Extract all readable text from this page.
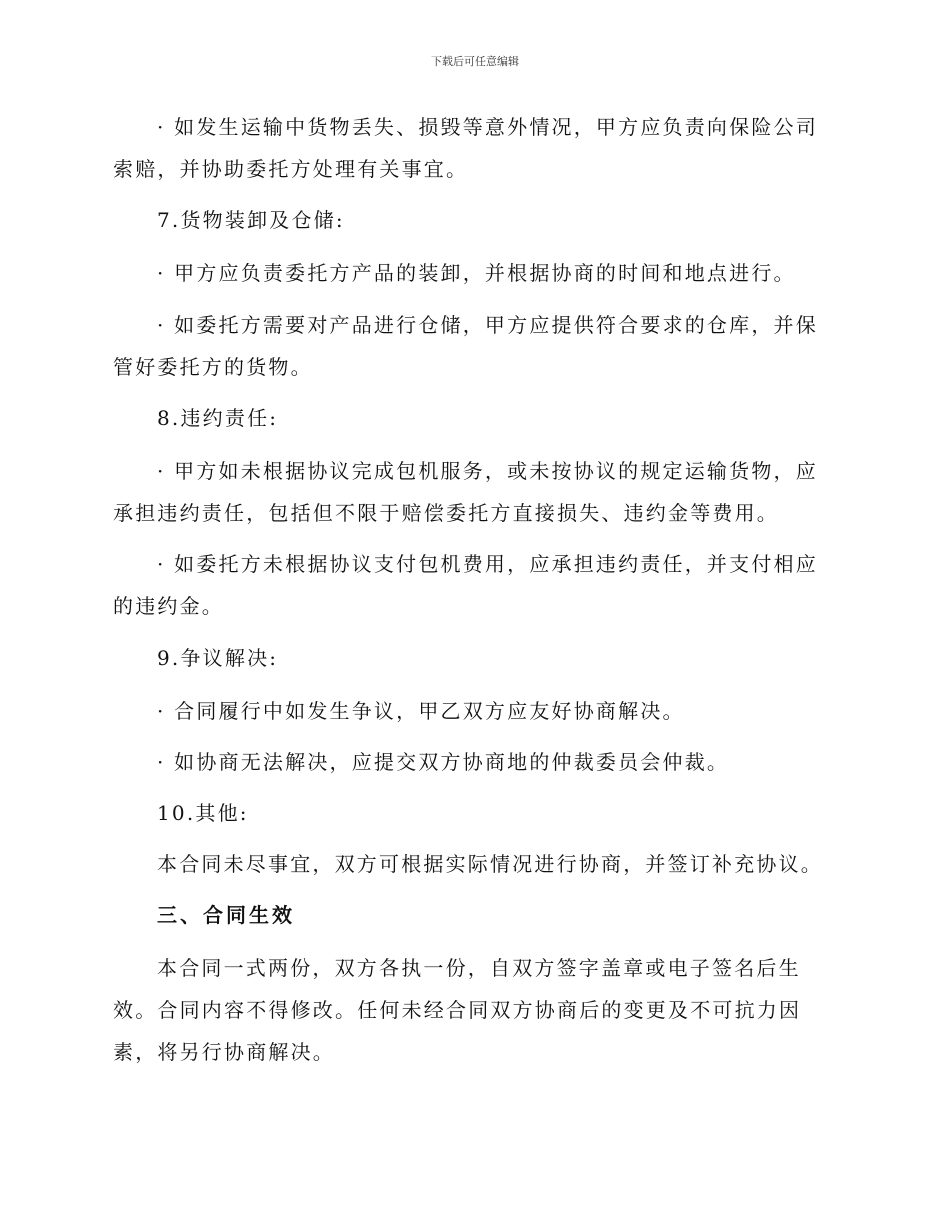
下载后可任意编辑

· 如发生运输中货物丢失、损毁等意外情况，甲方应负责向保险公司索赔，并协助委托方处理有关事宜。

7.货物装卸及仓储:

· 甲方应负责委托方产品的装卸，并根据协商的时间和地点进行。

· 如委托方需要对产品进行仓储，甲方应提供符合要求的仓库，并保管好委托方的货物。

8.违约责任:

· 甲方如未根据协议完成包机服务，或未按协议的规定运输货物，应承担违约责任，包括但不限于赔偿委托方直接损失、违约金等费用。

· 如委托方未根据协议支付包机费用，应承担违约责任，并支付相应的违约金。

9.争议解决:

· 合同履行中如发生争议，甲乙双方应友好协商解决。

· 如协商无法解决，应提交双方协商地的仲裁委员会仲裁。

10.其他:

本合同未尽事宜，双方可根据实际情况进行协商，并签订补充协议。

三、合同生效

本合同一式两份，双方各执一份，自双方签字盖章或电子签名后生效。合同内容不得修改。任何未经合同双方协商后的变更及不可抗力因素，将另行协商解决。
